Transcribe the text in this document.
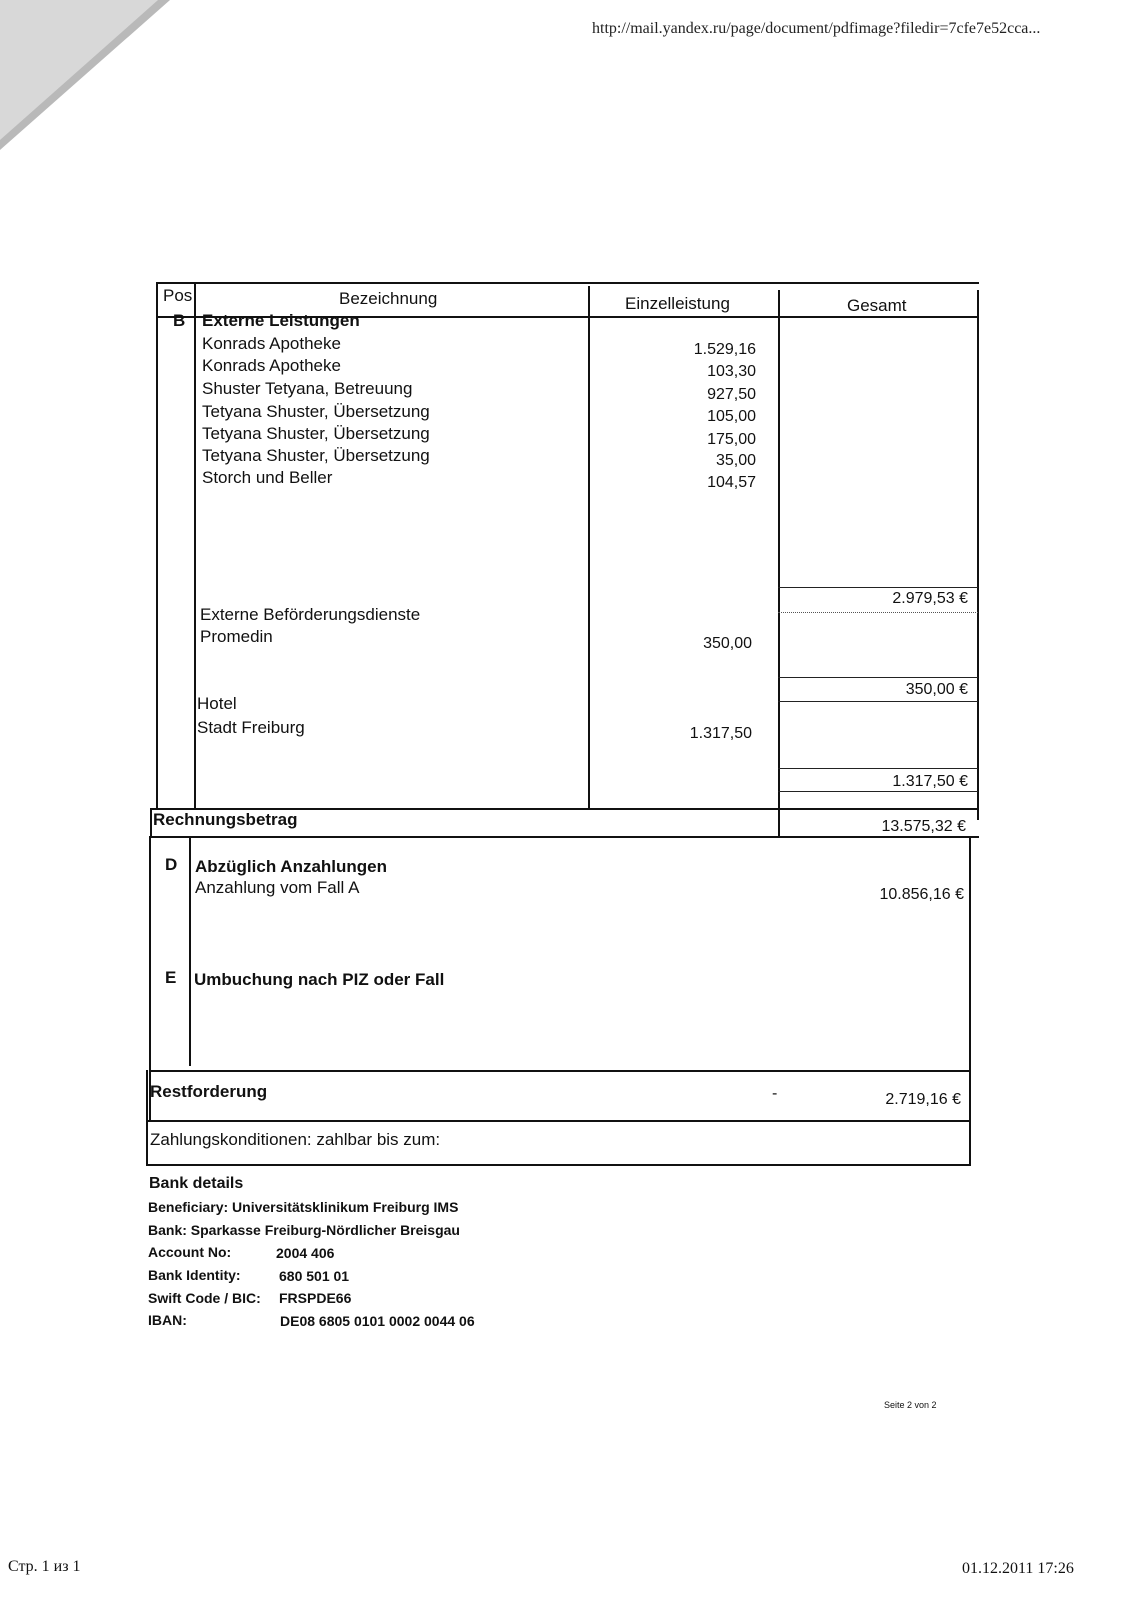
http://mail.yandex.ru/page/document/pdfimage?filedir=7cfe7e52cca...
Pos	Bezeichnung	Einzelleistung	Gesamt
B Externe Leistungen
Konrads Apotheke	1.529,16
Konrads Apotheke	103,30
Shuster Tetyana, Betreuung	927,50
Tetyana Shuster, Übersetzung	105,00
Tetyana Shuster, Übersetzung	175,00
Tetyana Shuster, Übersetzung	35,00
Storch und Beller	104,57
2.979,53 €
Externe Beförderungsdienste
Promedin	350,00
350,00 €
Hotel
Stadt Freiburg	1.317,50
1.317,50 €
Rechnungsbetrag	13.575,32 €
D Abzüglich Anzahlungen
Anzahlung vom Fall A	10.856,16 €
E Umbuchung nach PIZ oder Fall
Restforderung	-	2.719,16 €
Zahlungskonditionen: zahlbar bis zum:
Bank details
Beneficiary: Universitätsklinikum Freiburg IMS
Bank: Sparkasse Freiburg-Nördlicher Breisgau
Account No:	2004 406
Bank Identity:	680 501 01
Swift Code / BIC: FRSPDE66
IBAN:	DE08 6805 0101 0002 0044 06
Seite 2 von 2
Стр. 1 из 1	01.12.2011 17:26
